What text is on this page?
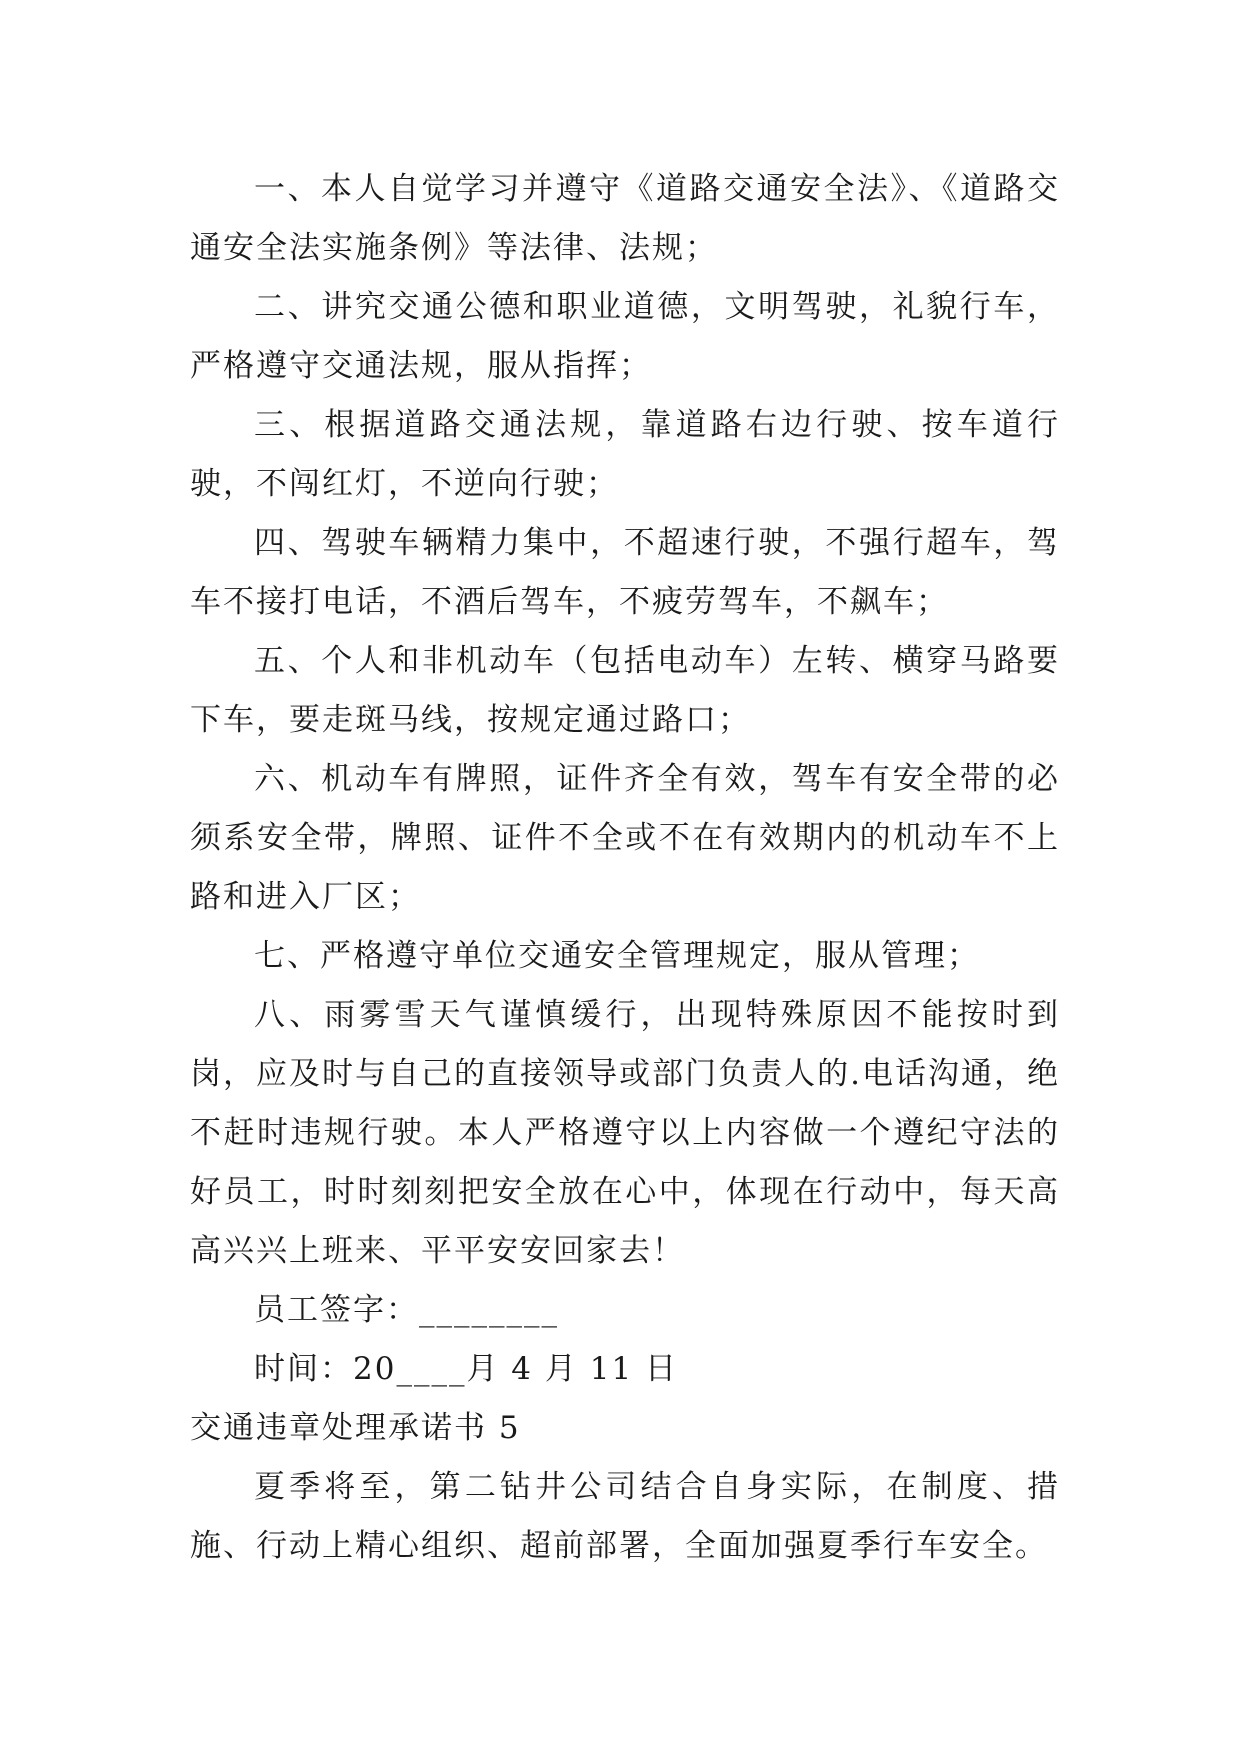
一、本人自觉学习并遵守《道路交通安全法》、《道路交通安全法实施条例》等法律、法规；

二、讲究交通公德和职业道德，文明驾驶，礼貌行车，严格遵守交通法规，服从指挥；

三、根据道路交通法规，靠道路右边行驶、按车道行驶，不闯红灯，不逆向行驶；

四、驾驶车辆精力集中，不超速行驶，不强行超车，驾车不接打电话，不酒后驾车，不疲劳驾车，不飙车；

五、个人和非机动车（包括电动车）左转、横穿马路要下车，要走斑马线，按规定通过路口；

六、机动车有牌照，证件齐全有效，驾车有安全带的必须系安全带，牌照、证件不全或不在有效期内的机动车不上路和进入厂区；

七、严格遵守单位交通安全管理规定，服从管理；

八、雨雾雪天气谨慎缓行，出现特殊原因不能按时到岗，应及时与自己的直接领导或部门负责人的.电话沟通，绝不赶时违规行驶。本人严格遵守以上内容做一个遵纪守法的好员工，时时刻刻把安全放在心中，体现在行动中，每天高高兴兴上班来、平平安安回家去！

员工签字：________

时间：20____月 4 月 11 日

交通违章处理承诺书 5

夏季将至，第二钻井公司结合自身实际，在制度、措施、行动上精心组织、超前部署，全面加强夏季行车安全。
